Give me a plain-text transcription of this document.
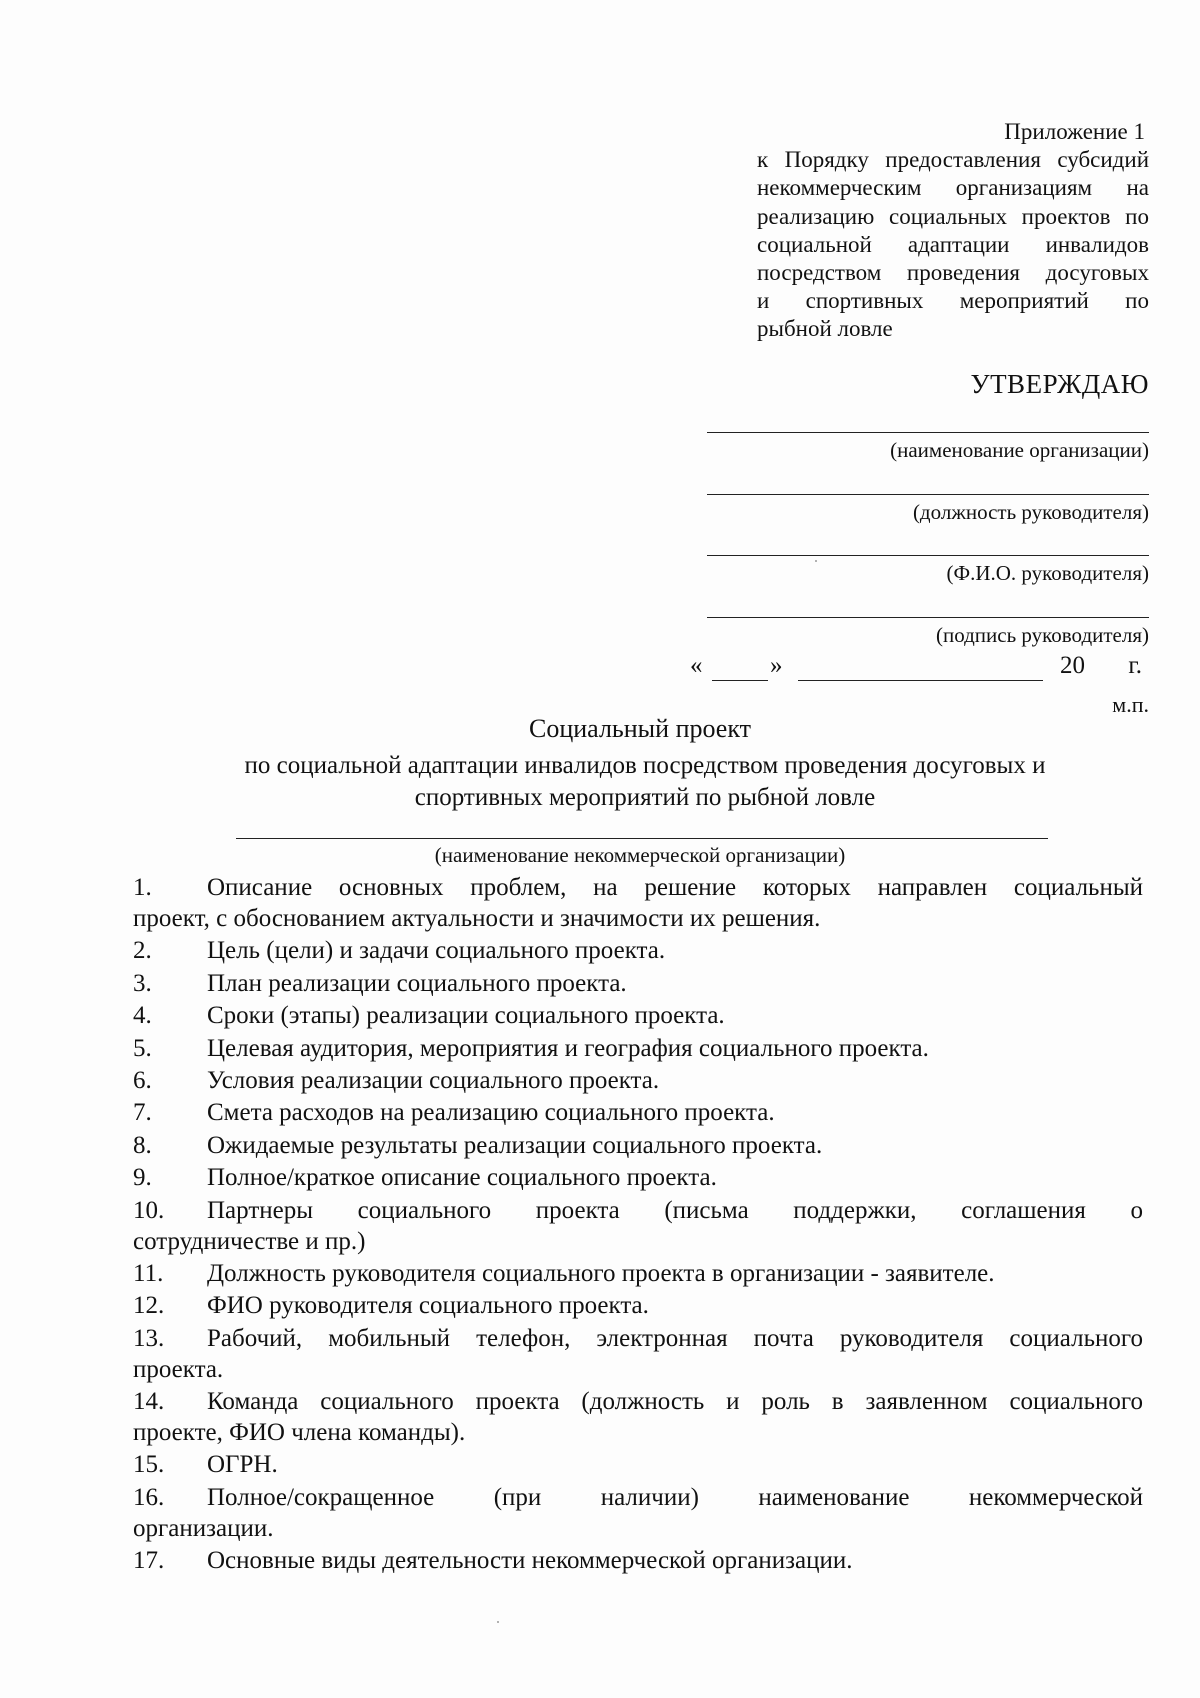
Приложение 1
к Порядку предоставления субсидий
некоммерческим организациям на
реализацию социальных проектов по
социальной адаптации инвалидов
посредством проведения досуговых
и спортивных мероприятий по
рыбной ловле
УТВЕРЖДАЮ
(наименование организации)
(должность руководителя)
(Ф.И.О. руководителя)
(подпись руководителя)
«	»	20 г.
м.п.
Социальный проект
по социальной адаптации инвалидов посредством проведения досуговых и
спортивных мероприятий по рыбной ловле
(наименование некоммерческой организации)
1. Описание основных проблем, на решение которых направлен социальный
проект, с обоснованием актуальности и значимости их решения.
2. Цель (цели) и задачи социального проекта.
3. План реализации социального проекта.
4. Сроки (этапы) реализации социального проекта.
5. Целевая аудитория, мероприятия и география социального проекта.
6. Условия реализации социального проекта.
7. Смета расходов на реализацию социального проекта.
8. Ожидаемые результаты реализации социального проекта.
9. Полное/краткое описание социального проекта.
10. Партнеры социального проекта (письма поддержки, соглашения о
сотрудничестве и пр.)
11. Должность руководителя социального проекта в организации - заявителе.
12. ФИО руководителя социального проекта.
13. Рабочий, мобильный телефон, электронная почта руководителя социального
проекта.
14. Команда социального проекта (должность и роль в заявленном социального
проекте, ФИО члена команды).
15. ОГРН.
16. Полное/сокращенное (при наличии) наименование некоммерческой
организации.
17. Основные виды деятельности некоммерческой организации.
